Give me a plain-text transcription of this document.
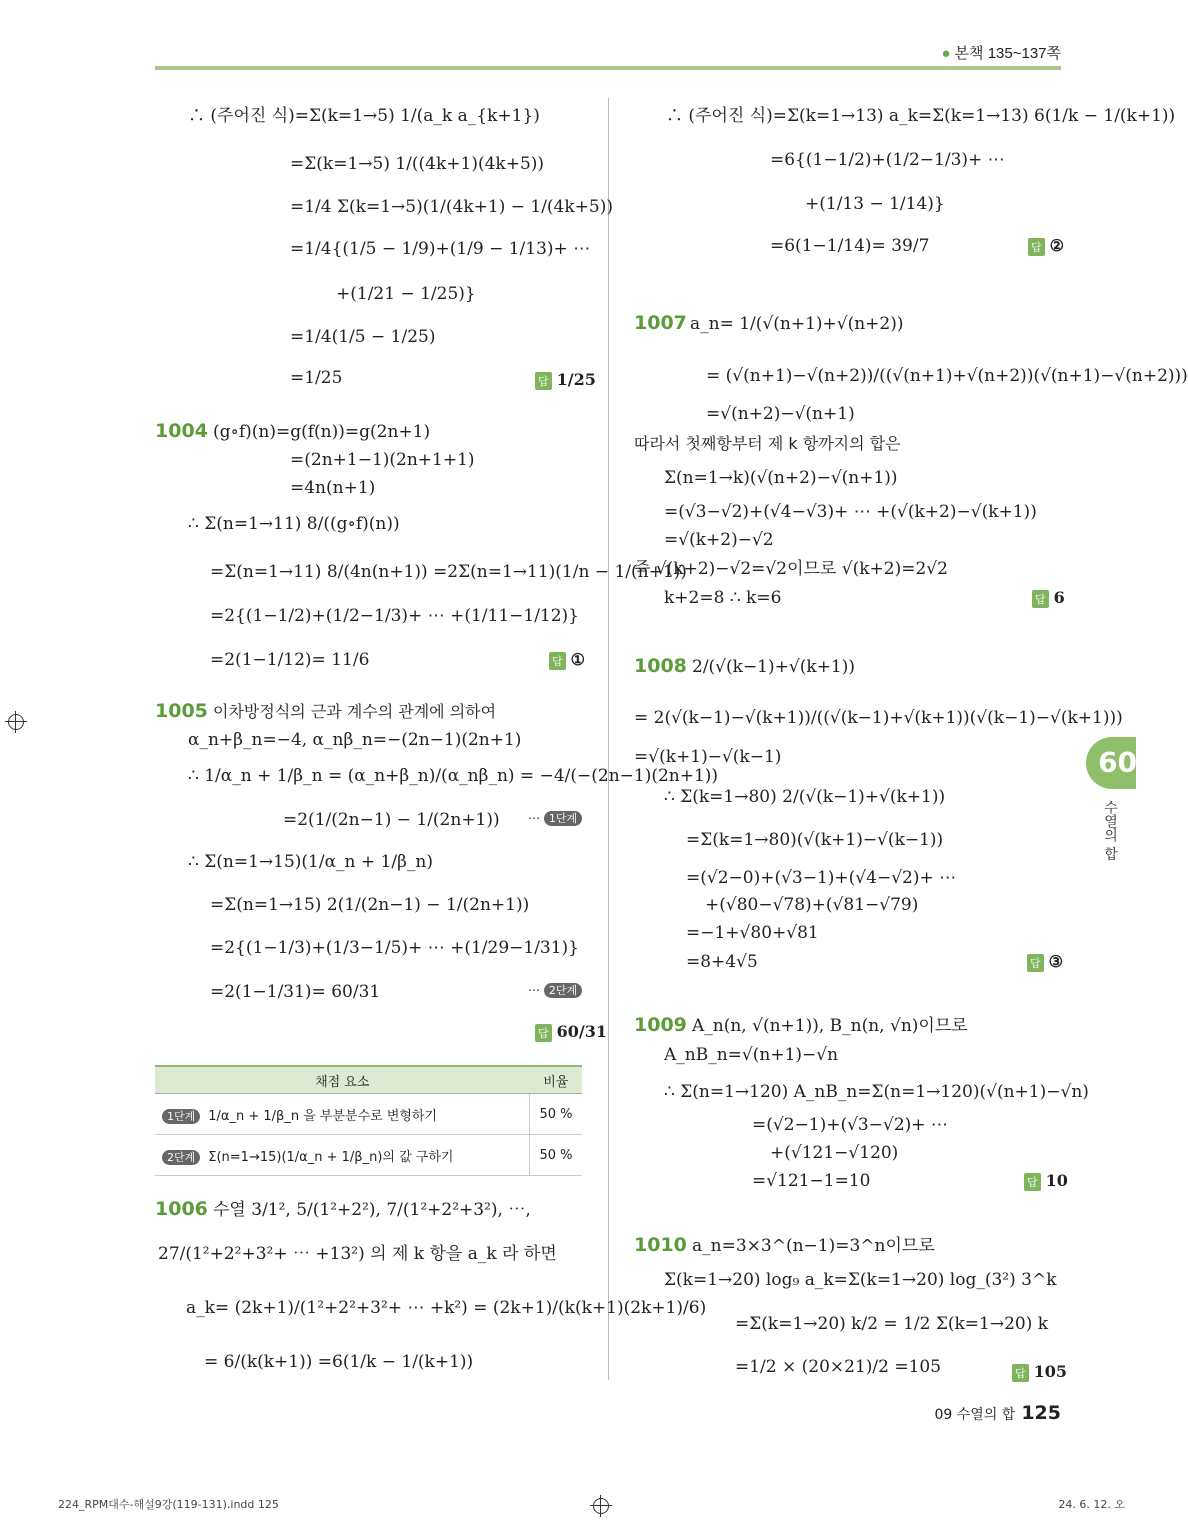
● 본책 135~137쪽
∴ (주어진 식)=Σ(k=1→5) 1/(a_k a_{k+1})
=Σ(k=1→5) 1/((4k+1)(4k+5))
=1/4 Σ(k=1→5)(1/(4k+1) − 1/(4k+5))
=1/4{(1/5 − 1/9)+(1/9 − 1/13)+ ⋯
+(1/21 − 1/25)}
=1/4(1/5 − 1/25)
=1/25	답 1/25
1004 (g∘f)(n)=g(f(n))=g(2n+1)
=(2n+1−1)(2n+1+1)
=4n(n+1)
∴ Σ(n=1→11) 8/((g∘f)(n))
=Σ(n=1→11) 8/(4n(n+1)) =2Σ(n=1→11)(1/n − 1/(n+1))
=2{(1−1/2)+(1/2−1/3)+ ⋯ +(1/11−1/12)}
=2(1−1/12)= 11/6	답 ①
1005 이차방정식의 근과 계수의 관계에 의하여
α_n+β_n=−4, α_nβ_n=−(2n−1)(2n+1)
∴ 1/α_n + 1/β_n = (α_n+β_n)/(α_nβ_n) = −4/(−(2n−1)(2n+1))
=2(1/(2n−1) − 1/(2n+1)) ⋯ 1단계
∴ Σ(n=1→15)(1/α_n + 1/β_n)
=Σ(n=1→15) 2(1/(2n−1) − 1/(2n+1))
=2{(1−1/3)+(1/3−1/5)+ ⋯ +(1/29−1/31)}
=2(1−1/31)= 60/31	⋯ 2단계
답 60/31
채점 요소	비율
1단계 1/α_n + 1/β_n 을 부분분수로 변형하기	50 %
2단계 Σ(n=1→15)(1/α_n + 1/β_n)의 값 구하기	50 %
1006 수열 3/1², 5/(1²+2²), 7/(1²+2²+3²), ⋯,
27/(1²+2²+3²+ ⋯ +13²) 의 제 k 항을 a_k 라 하면
a_k= (2k+1)/(1²+2²+3²+ ⋯ +k²) = (2k+1)/(k(k+1)(2k+1)/6)
= 6/(k(k+1)) =6(1/k − 1/(k+1))
∴ (주어진 식)=Σ(k=1→13) a_k=Σ(k=1→13) 6(1/k − 1/(k+1))
=6{(1−1/2)+(1/2−1/3)+ ⋯
+(1/13 − 1/14)}
=6(1−1/14)= 39/7	답 ②
1007 a_n= 1/(√(n+1)+√(n+2))
= (√(n+1)−√(n+2))/((√(n+1)+√(n+2))(√(n+1)−√(n+2)))
=√(n+2)−√(n+1)
따라서 첫째항부터 제 k 항까지의 합은
Σ(n=1→k)(√(n+2)−√(n+1))
=(√3−√2)+(√4−√3)+ ⋯ +(√(k+2)−√(k+1))
=√(k+2)−√2
즉 √(k+2)−√2=√2이므로 √(k+2)=2√2
k+2=8 ∴ k=6	답 6
1008 2/(√(k−1)+√(k+1))
= 2(√(k−1)−√(k+1))/((√(k−1)+√(k+1))(√(k−1)−√(k+1)))
=√(k+1)−√(k−1)
∴ Σ(k=1→80) 2/(√(k−1)+√(k+1))
=Σ(k=1→80)(√(k+1)−√(k−1))
=(√2−0)+(√3−1)+(√4−√2)+ ⋯
+(√80−√78)+(√81−√79)
=−1+√80+√81
=8+4√5	답 ③
1009 A_n(n, √(n+1)), B_n(n, √n)이므로
A_nB_n=√(n+1)−√n
∴ Σ(n=1→120) A_nB_n=Σ(n=1→120)(√(n+1)−√n)
=(√2−1)+(√3−√2)+ ⋯
+(√121−√120)
=√121−1=10	답 10
1010 a_n=3×3^(n−1)=3^n이므로
Σ(k=1→20) log₉ a_k=Σ(k=1→20) log_(3²) 3^k
=Σ(k=1→20) k/2 = 1/2 Σ(k=1→20) k
=1/2 × (20×21)/2 =105	답 105
09
수열의 합
09 수열의 합 125
224_RPM대수-해설9강(119-131).indd 125	24. 6. 12. 오
